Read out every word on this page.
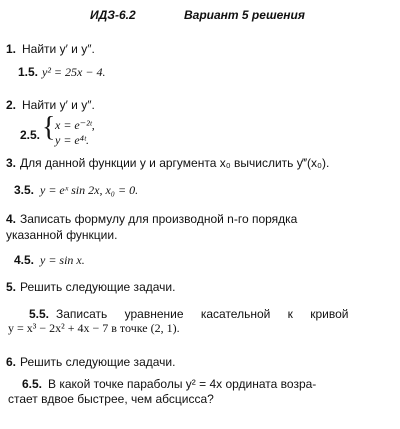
ИДЗ-6.2	Вариант 5 решения
1. Найти y′ и y″.
1.5. y² = 25x − 4.
2. Найти y′ и y″.
2.5. { x = e⁻²ᵗ,
y = e⁴ᵗ.
3. Для данной функции y и аргумента x₀ вычислить y‴(x₀).
3.5. y = eˣ sin 2x, x₀ = 0.
4. Записать формулу для производной n-го порядка
указанной функции.
4.5. y = sin x.
5. Решить следующие задачи.
5.5. Записать уравнение касательной к кривой
y = x³ − 2x² + 4x − 7 в точке (2, 1).
6. Решить следующие задачи.
6.5. В какой точке параболы y² = 4x ордината возра-
стает вдвое быстрее, чем абсцисса?
